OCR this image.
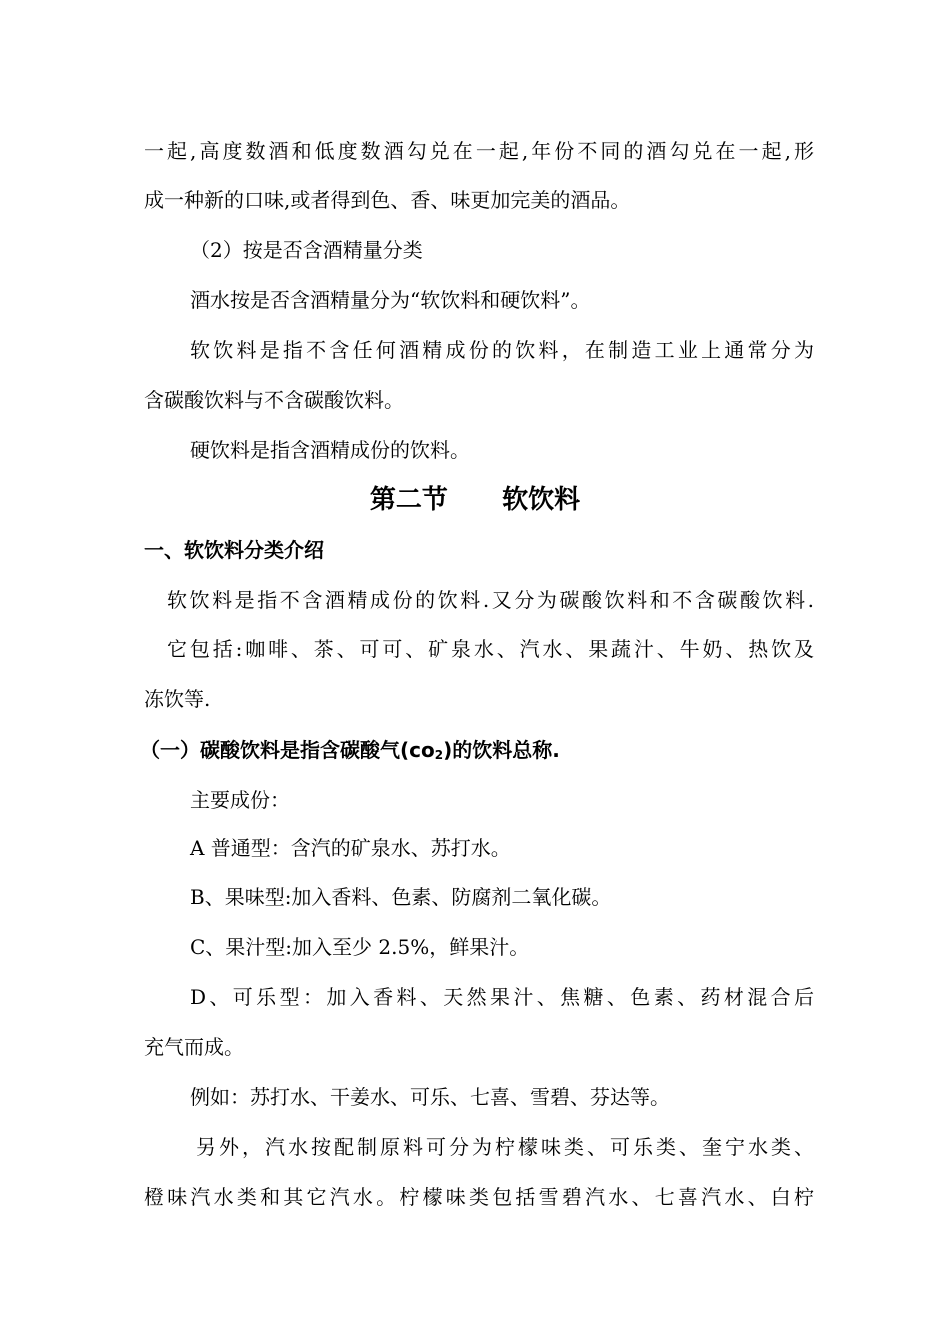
一起,高度数酒和低度数酒勾兑在一起,年份不同的酒勾兑在一起,形
成一种新的口味,或者得到色、香、味更加完美的酒品。
（2）按是否含酒精量分类
酒水按是否含酒精量分为“软饮料和硬饮料”。
软饮料是指不含任何酒精成份的饮料，在制造工业上通常分为
含碳酸饮料与不含碳酸饮料。
硬饮料是指含酒精成份的饮料。
第二节      软饮料
一、软饮料分类介绍
软饮料是指不含酒精成份的饮料.又分为碳酸饮料和不含碳酸饮料.
它包括:咖啡、茶、可可、矿泉水、汽水、果蔬汁、牛奶、热饮及
冻饮等.
（一）碳酸饮料是指含碳酸气$(co_2)$的饮料总称.
主要成份：
A 普通型：含汽的矿泉水、苏打水。
B、果味型:加入香料、色素、防腐剂二氧化碳。
C、果汁型:加入至少 2.5%，鲜果汁。
D、可乐型：加入香料、天然果汁、焦糖、色素、药材混合后
充气而成。
例如：苏打水、干姜水、可乐、七喜、雪碧、芬达等。
另外，汽水按配制原料可分为柠檬味类、可乐类、奎宁水类、
橙味汽水类和其它汽水。柠檬味类包括雪碧汽水、七喜汽水、白柠
